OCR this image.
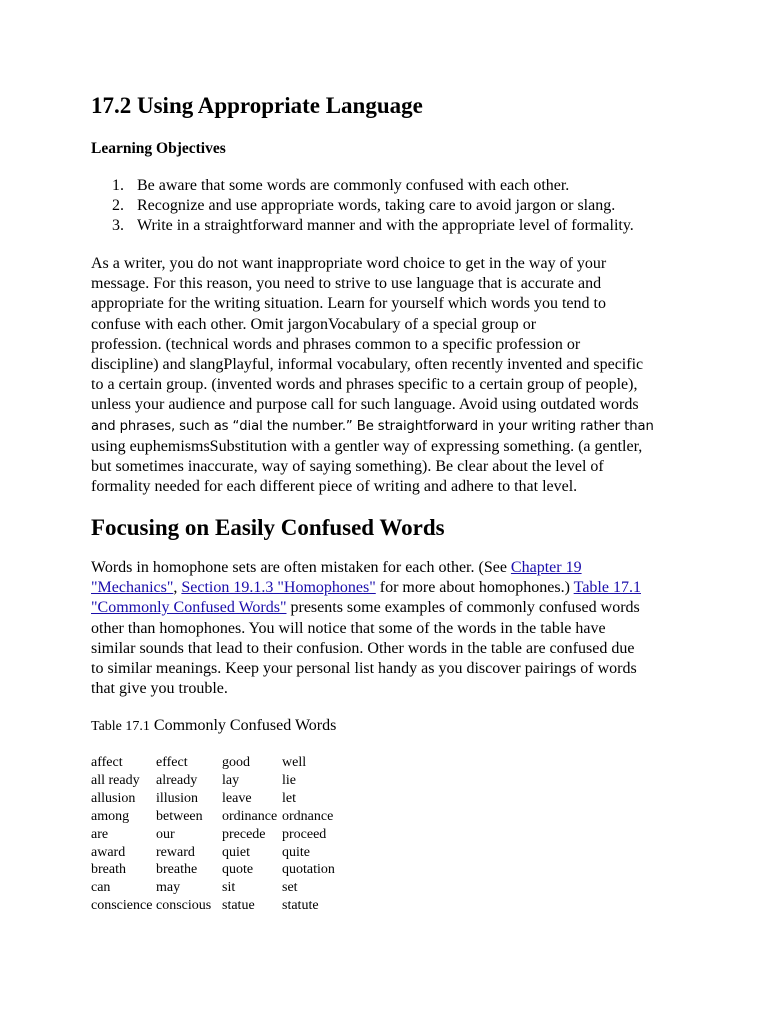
17.2 Using Appropriate Language
Learning Objectives
1. Be aware that some words are commonly confused with each other.
2. Recognize and use appropriate words, taking care to avoid jargon or slang.
3. Write in a straightforward manner and with the appropriate level of formality.

As a writer, you do not want inappropriate word choice to get in the way of your
message. For this reason, you need to strive to use language that is accurate and
appropriate for the writing situation. Learn for yourself which words you tend to
confuse with each other. Omit jargonVocabulary of a special group or
profession. (technical words and phrases common to a specific profession or
discipline) and slangPlayful, informal vocabulary, often recently invented and specific
to a certain group. (invented words and phrases specific to a certain group of people),
unless your audience and purpose call for such language. Avoid using outdated words
and phrases, such as “dial the number.” Be straightforward in your writing rather than
using euphemismsSubstitution with a gentler way of expressing something. (a gentler,
but sometimes inaccurate, way of saying something). Be clear about the level of
formality needed for each different piece of writing and adhere to that level.

Focusing on Easily Confused Words

Words in homophone sets are often mistaken for each other. (See Chapter 19
"Mechanics", Section 19.1.3 "Homophones" for more about homophones.) Table 17.1
"Commonly Confused Words" presents some examples of commonly confused words
other than homophones. You will notice that some of the words in the table have
similar sounds that lead to their confusion. Other words in the table are confused due
to similar meanings. Keep your personal list handy as you discover pairings of words
that give you trouble.

Table 17.1 Commonly Confused Words

affect	effect	good	well
all ready	already	lay	lie
allusion	illusion	leave	let
among	between	ordinance	ordnance
are	our	precede	proceed
award	reward	quiet	quite
breath	breathe	quote	quotation
can	may	sit	set
conscience	conscious	statue	statute
